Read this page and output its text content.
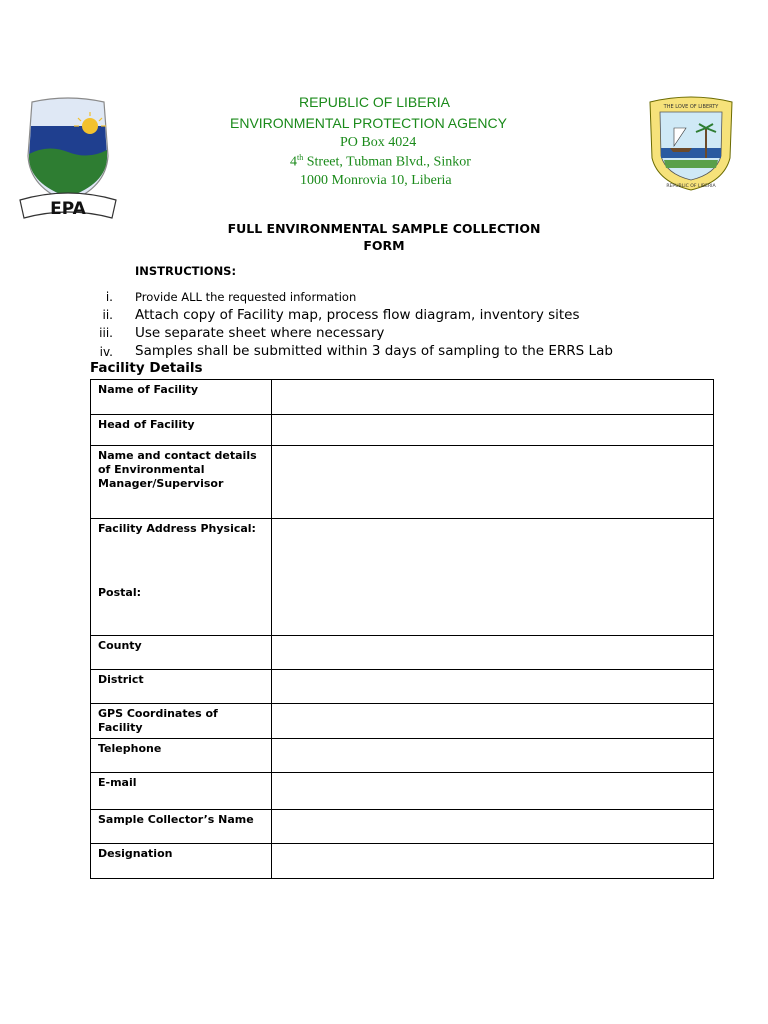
EPA
THE LOVE OF LIBERTY
REPUBLIC OF LIBERIA
REPUBLIC OF LIBERIA
ENVIRONMENTAL PROTECTION AGENCY
PO Box 4024
4th Street, Tubman Blvd., Sinkor
1000 Monrovia 10, Liberia
FULL ENVIRONMENTAL SAMPLE COLLECTION
FORM
INSTRUCTIONS:
i. Provide ALL the requested information
ii. Attach copy of Facility map, process flow diagram, inventory sites
iii. Use separate sheet where necessary
iv. Samples shall be submitted within 3 days of sampling to the ERRS Lab
Facility Details
Name of Facility	
Head of Facility	
Name and contact details of Environmental Manager/Supervisor	

Facility Address Physical:
Postal:	

County	
District	
GPS Coordinates of Facility	
Telephone	
E-mail	
Sample Collector’s Name	
Designation	
